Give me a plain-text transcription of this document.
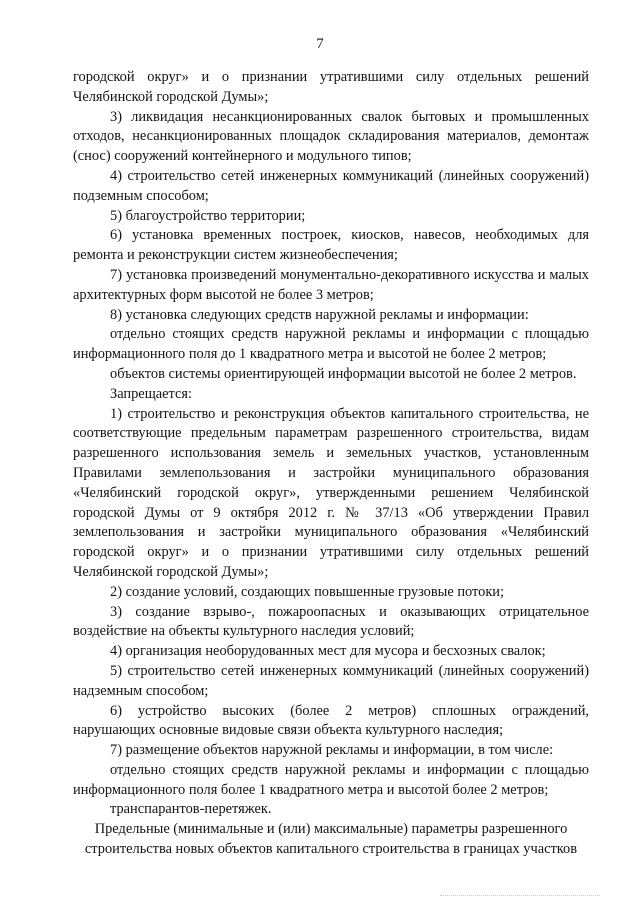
7

городской округ» и о признании утратившими силу отдельных решений Челябинской городской Думы»;

3) ликвидация несанкционированных свалок бытовых и промышленных отходов, несанкционированных площадок складирования материалов, демонтаж (снос) сооружений контейнерного и модульного типов;

4) строительство сетей инженерных коммуникаций (линейных сооружений) подземным способом;

5) благоустройство территории;

6) установка временных построек, киосков, навесов, необходимых для ремонта и реконструкции систем жизнеобеспечения;

7) установка произведений монументально-декоративного искусства и малых архитектурных форм высотой не более 3 метров;

8) установка следующих средств наружной рекламы и информации:

отдельно стоящих средств наружной рекламы и информации с площадью информационного поля до 1 квадратного метра и высотой не более 2 метров;

объектов системы ориентирующей информации высотой не более 2 метров.

Запрещается:

1) строительство и реконструкция объектов капитального строительства, не соответствующие предельным параметрам разрешенного строительства, видам разрешенного использования земель и земельных участков, установленным Правилами землепользования и застройки муниципального образования «Челябинский городской округ», утвержденными решением Челябинской городской Думы от 9 октября 2012 г. № 37/13 «Об утверждении Правил землепользования и застройки муниципального образования «Челябинский городской округ» и о признании утратившими силу отдельных решений Челябинской городской Думы»;

2) создание условий, создающих повышенные грузовые потоки;

3) создание взрыво-, пожароопасных и оказывающих отрицательное воздействие на объекты культурного наследия условий;

4) организация необорудованных мест для мусора и бесхозных свалок;

5) строительство сетей инженерных коммуникаций (линейных сооружений) надземным способом;

6) устройство высоких (более 2 метров) сплошных ограждений, нарушающих основные видовые связи объекта культурного наследия;

7) размещение объектов наружной рекламы и информации, в том числе:

отдельно стоящих средств наружной рекламы и информации с площадью информационного поля более 1 квадратного метра и высотой более 2 метров;

транспарантов-перетяжек.

Предельные (минимальные и (или) максимальные) параметры разрешенного строительства новых объектов капитального строительства в границах участков
